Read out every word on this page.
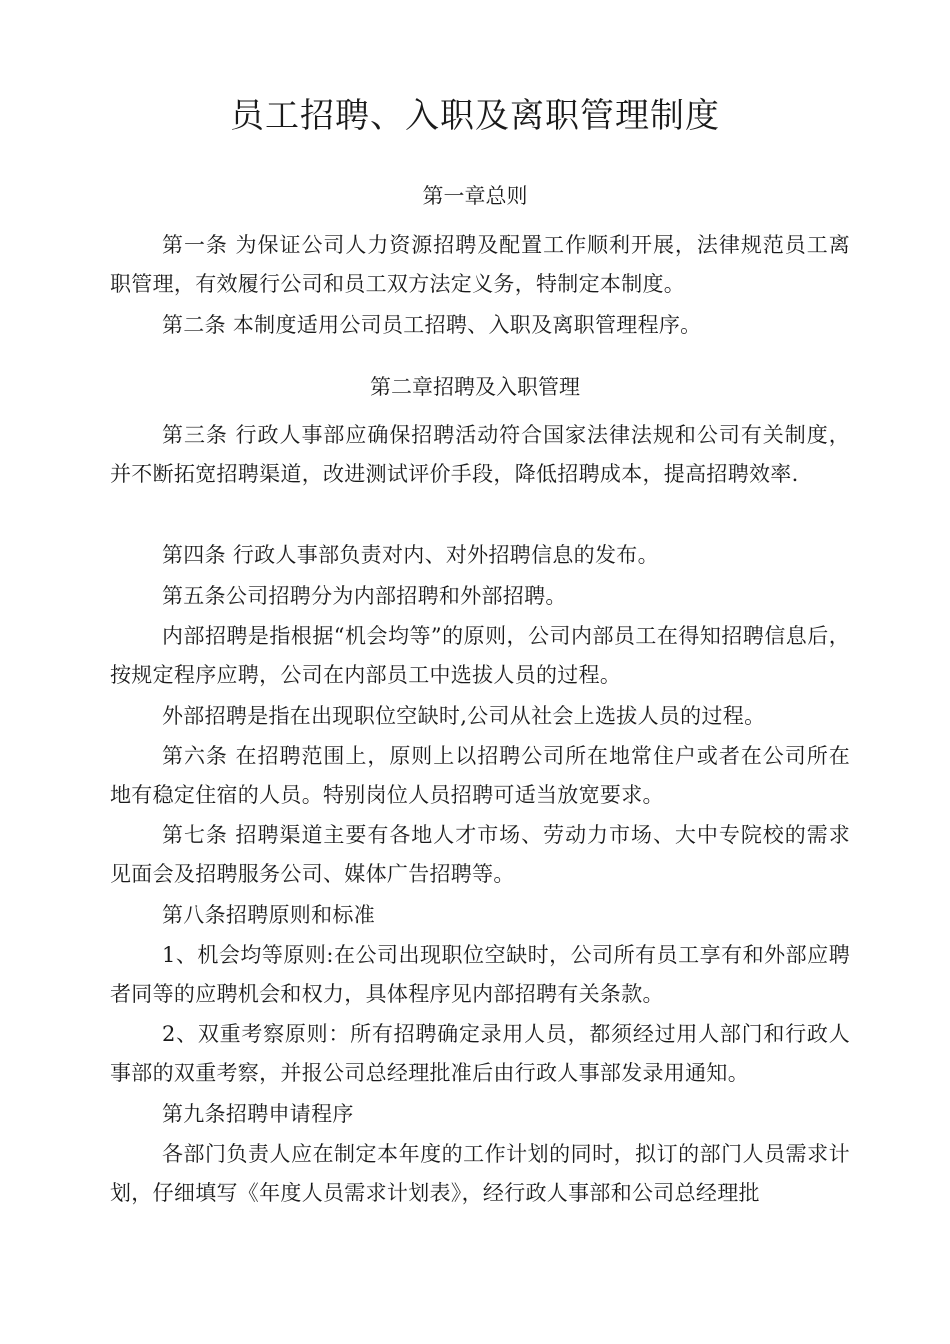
员工招聘、入职及离职管理制度
第一章总则

第一条 为保证公司人力资源招聘及配置工作顺利开展，法律规范员工离职管理，有效履行公司和员工双方法定义务，特制定本制度。

第二条 本制度适用公司员工招聘、入职及离职管理程序。

第二章招聘及入职管理

第三条 行政人事部应确保招聘活动符合国家法律法规和公司有关制度，并不断拓宽招聘渠道，改进测试评价手段，降低招聘成本，提高招聘效率.

第四条 行政人事部负责对内、对外招聘信息的发布。

第五条公司招聘分为内部招聘和外部招聘。

内部招聘是指根据“机会均等”的原则，公司内部员工在得知招聘信息后，按规定程序应聘，公司在内部员工中选拔人员的过程。

外部招聘是指在出现职位空缺时,公司从社会上选拔人员的过程。

第六条 在招聘范围上，原则上以招聘公司所在地常住户或者在公司所在地有稳定住宿的人员。特别岗位人员招聘可适当放宽要求。

第七条 招聘渠道主要有各地人才市场、劳动力市场、大中专院校的需求见面会及招聘服务公司、媒体广告招聘等。

第八条招聘原则和标准

1、机会均等原则:在公司出现职位空缺时，公司所有员工享有和外部应聘者同等的应聘机会和权力，具体程序见内部招聘有关条款。

2、双重考察原则：所有招聘确定录用人员，都须经过用人部门和行政人事部的双重考察，并报公司总经理批准后由行政人事部发录用通知。

第九条招聘申请程序

各部门负责人应在制定本年度的工作计划的同时，拟订的部门人员需求计划，仔细填写《年度人员需求计划表》，经行政人事部和公司总经理批
